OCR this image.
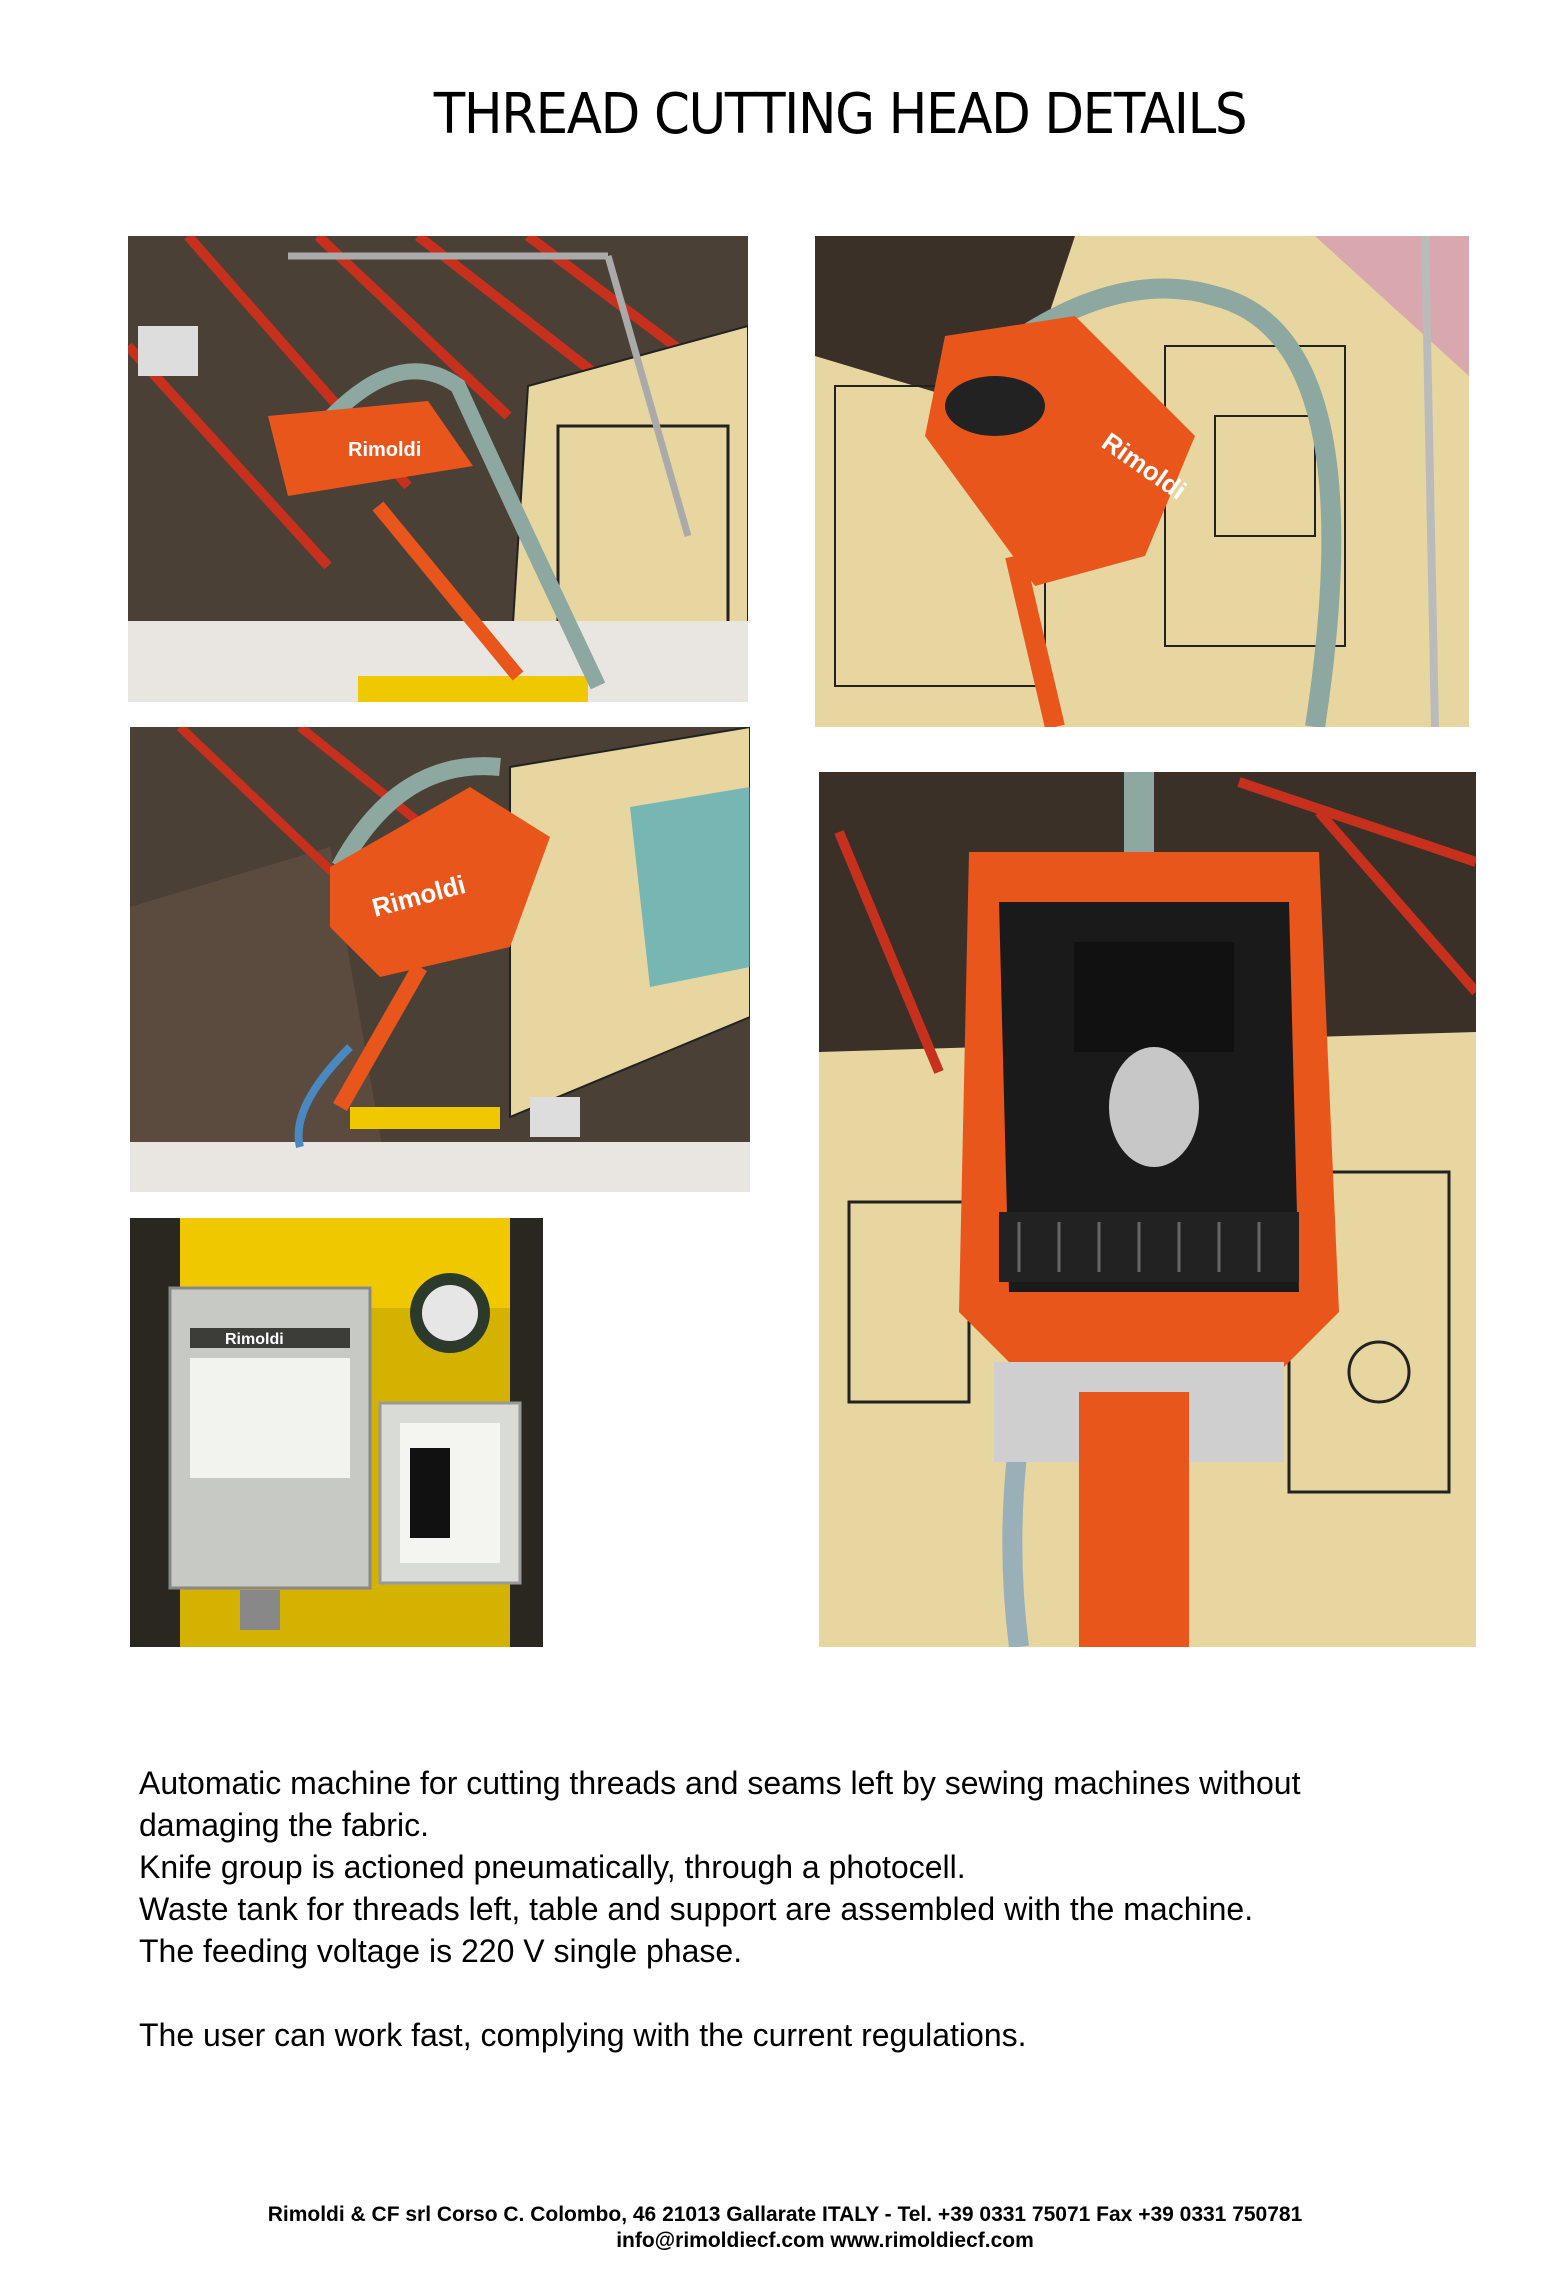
THREAD CUTTING HEAD DETAILS
Rimoldi	Rimoldi
Rimoldi
Rimoldi

Automatic machine for cutting threads and seams left by sewing machines without

damaging the fabric.

Knife group is actioned pneumatically, through a photocell.

Waste tank for threads left, table and support are assembled with the machine.

The feeding voltage is 220 V single phase.

The user can work fast, complying with the current regulations.

Rimoldi & CF srl Corso C. Colombo, 46 21013 Gallarate ITALY - Tel. +39 0331 75071 Fax +39 0331 750781

info@rimoldiecf.com www.rimoldiecf.com
